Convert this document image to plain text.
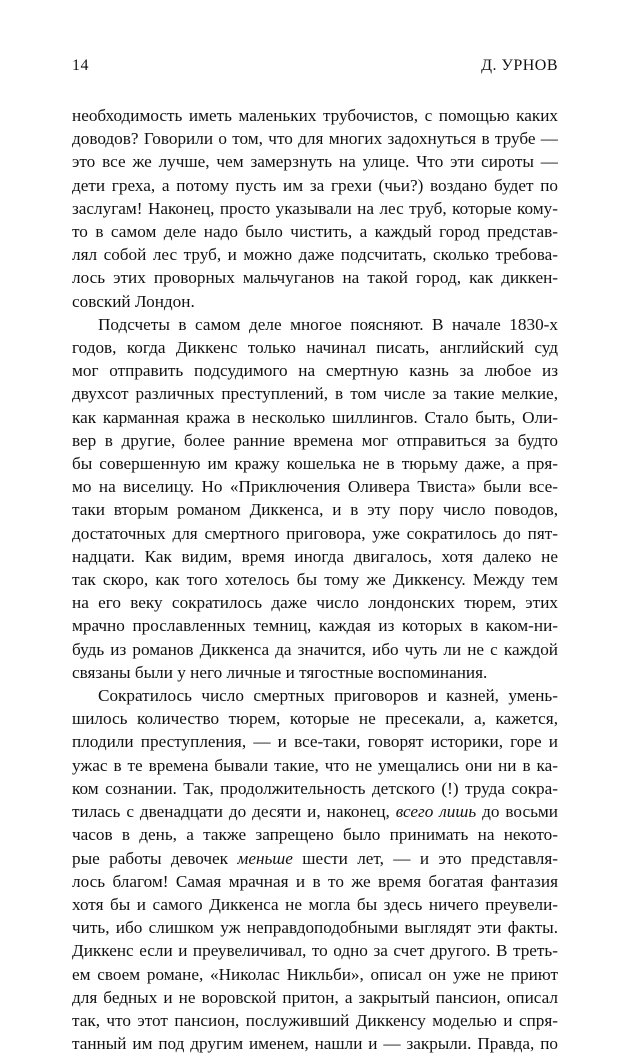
14	Д. УРНОВ
необходимость иметь маленьких трубочистов, с помощью каких
доводов? Говорили о том, что для многих задохнуться в трубе —
это все же лучше, чем замерзнуть на улице. Что эти сироты —
дети греха, а потому пусть им за грехи (чьи?) воздано будет по
заслугам! Наконец, просто указывали на лес труб, которые кому-
то в самом деле надо было чистить, а каждый город представ-
лял собой лес труб, и можно даже подсчитать, сколько требова-
лось этих проворных мальчуганов на такой город, как диккен-
совский Лондон.
Подсчеты в самом деле многое поясняют. В начале 1830-х
годов, когда Диккенс только начинал писать, английский суд
мог отправить подсудимого на смертную казнь за любое из
двухсот различных преступлений, в том числе за такие мелкие,
как карманная кража в несколько шиллингов. Стало быть, Оли-
вер в другие, более ранние времена мог отправиться за будто
бы совершенную им кражу кошелька не в тюрьму даже, а пря-
мо на виселицу. Но «Приключения Оливера Твиста» были все-
таки вторым романом Диккенса, и в эту пору число поводов,
достаточных для смертного приговора, уже сократилось до пят-
надцати. Как видим, время иногда двигалось, хотя далеко не
так скоро, как того хотелось бы тому же Диккенсу. Между тем
на его веку сократилось даже число лондонских тюрем, этих
мрачно прославленных темниц, каждая из которых в каком-ни-
будь из романов Диккенса да значится, ибо чуть ли не с каждой
связаны были у него личные и тягостные воспоминания.
Сократилось число смертных приговоров и казней, умень-
шилось количество тюрем, которые не пресекали, а, кажется,
плодили преступления, — и все-таки, говорят историки, горе и
ужас в те времена бывали такие, что не умещались они ни в ка-
ком сознании. Так, продолжительность детского (!) труда сокра-
тилась с двенадцати до десяти и, наконец, всего лишь до восьми
часов в день, а также запрещено было принимать на некото-
рые работы девочек меньше шести лет, — и это представля-
лось благом! Самая мрачная и в то же время богатая фантазия
хотя бы и самого Диккенса не могла бы здесь ничего преувели-
чить, ибо слишком уж неправдоподобными выглядят эти факты.
Диккенс если и преувеличивал, то одно за счет другого. В треть-
ем своем романе, «Николас Никльби», описал он уже не приют
для бедных и не воровской притон, а закрытый пансион, описал
так, что этот пансион, послуживший Диккенсу моделью и спря-
танный им под другим именем, нашли и — закрыли. Правда, по
